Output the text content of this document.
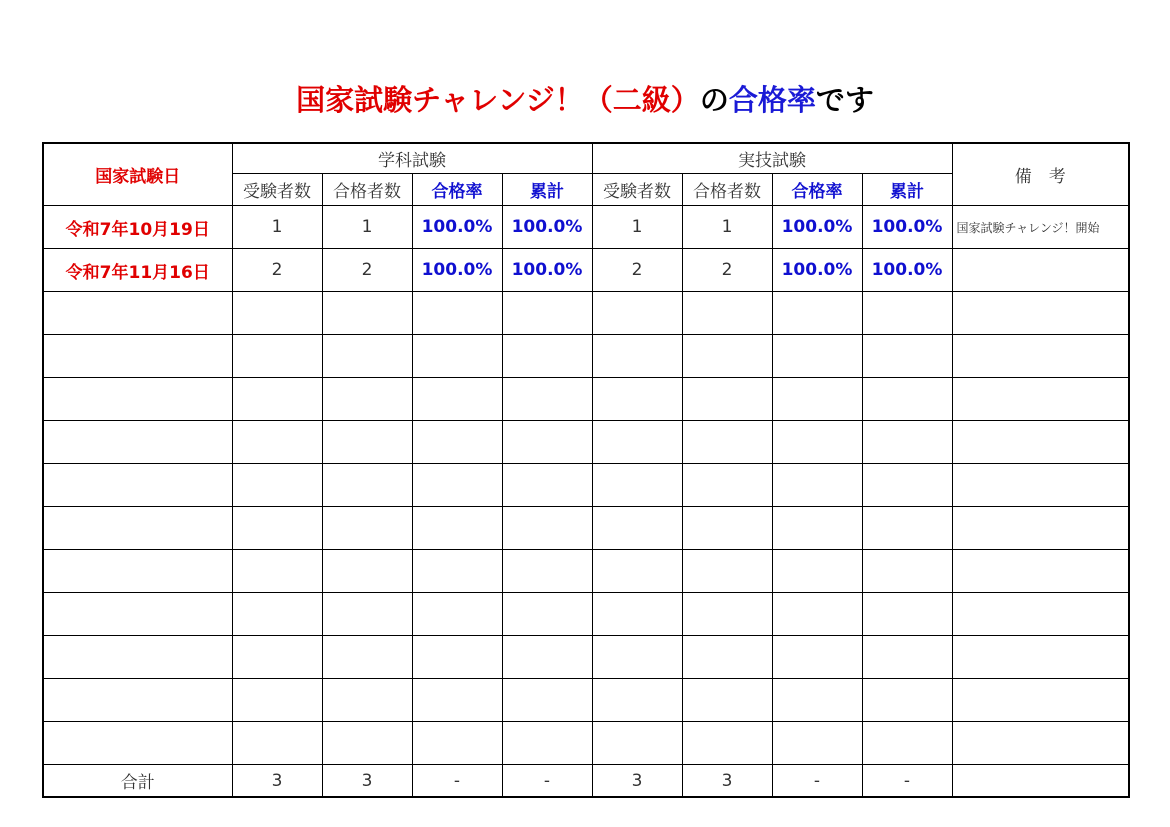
国家試験チャレンジ！（二級）の合格率です
国家試験日	学科試験				実技試験				備　考
	受験者数	合格者数	合格率	累計	受験者数	合格者数	合格率	累計	
令和7年10月19日	1	1	100.0%	100.0%	1	1	100.0%	100.0%	国家試験チャレンジ！開始
令和7年11月16日	2	2	100.0%	100.0%	2	2	100.0%	100.0%	

合計	3	3	-	-	3	3	-	-	
